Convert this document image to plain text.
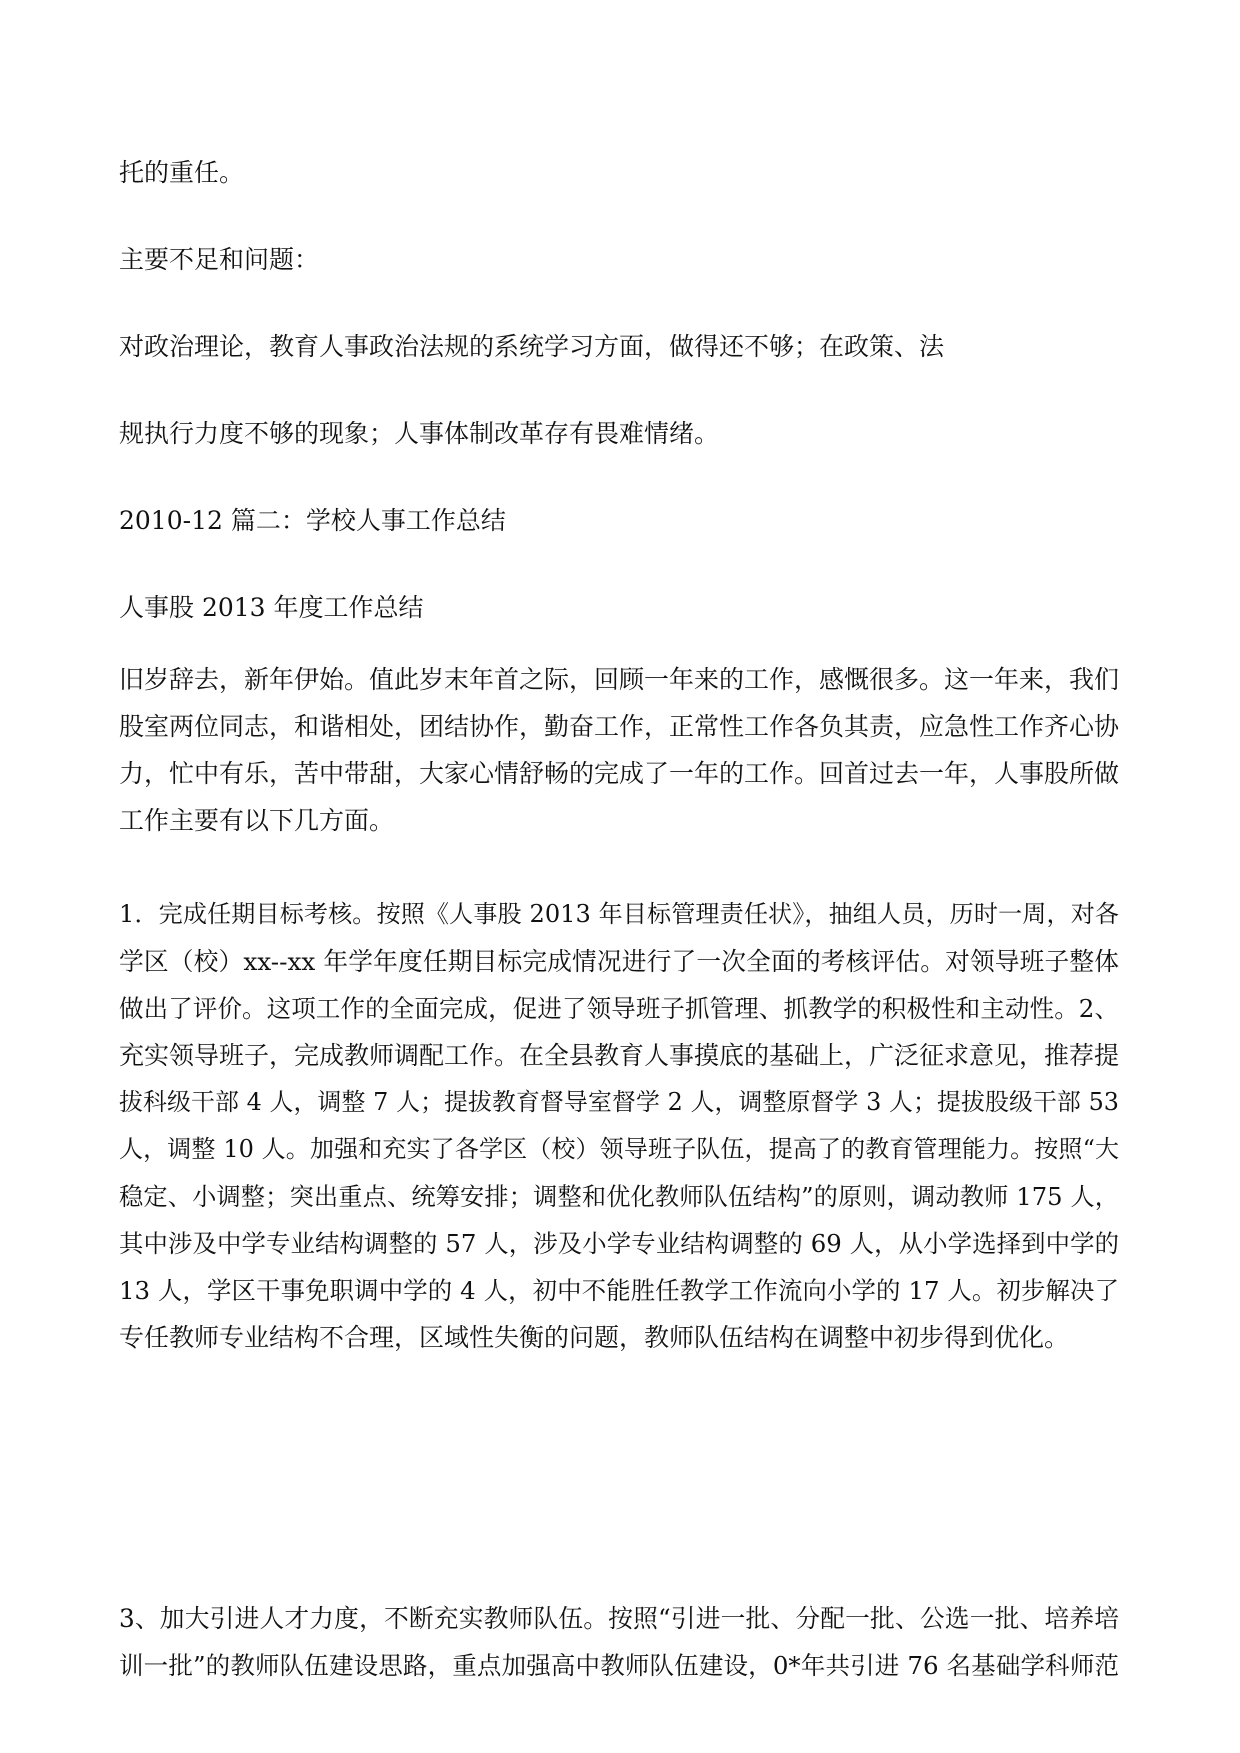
托的重任。
主要不足和问题：
对政治理论，教育人事政治法规的系统学习方面，做得还不够；在政策、法
规执行力度不够的现象；人事体制改革存有畏难情绪。
2010-12 篇二：学校人事工作总结
人事股 2013 年度工作总结
旧岁辞去，新年伊始。值此岁末年首之际，回顾一年来的工作，感慨很多。这一年来，我们
股室两位同志，和谐相处，团结协作，勤奋工作，正常性工作各负其责，应急性工作齐心协
力，忙中有乐，苦中带甜，大家心情舒畅的完成了一年的工作。回首过去一年，人事股所做
工作主要有以下几方面。
1．完成任期目标考核。按照《人事股 2013 年目标管理责任状》，抽组人员，历时一周，对各
学区（校）xx--xx 年学年度任期目标完成情况进行了一次全面的考核评估。对领导班子整体
做出了评价。这项工作的全面完成，促进了领导班子抓管理、抓教学的积极性和主动性。2、
充实领导班子，完成教师调配工作。在全县教育人事摸底的基础上，广泛征求意见，推荐提
拔科级干部 4 人，调整 7 人；提拔教育督导室督学 2 人，调整原督学 3 人；提拔股级干部 53
人，调整 10 人。加强和充实了各学区（校）领导班子队伍，提高了的教育管理能力。按照“大
稳定、小调整；突出重点、统筹安排；调整和优化教师队伍结构”的原则，调动教师 175 人，
其中涉及中学专业结构调整的 57 人，涉及小学专业结构调整的 69 人，从小学选择到中学的
13 人，学区干事免职调中学的 4 人，初中不能胜任教学工作流向小学的 17 人。初步解决了
专任教师专业结构不合理，区域性失衡的问题，教师队伍结构在调整中初步得到优化。
3、加大引进人才力度，不断充实教师队伍。按照“引进一批、分配一批、公选一批、培养培
训一批”的教师队伍建设思路，重点加强高中教师队伍建设，0*年共引进 76 名基础学科师范
